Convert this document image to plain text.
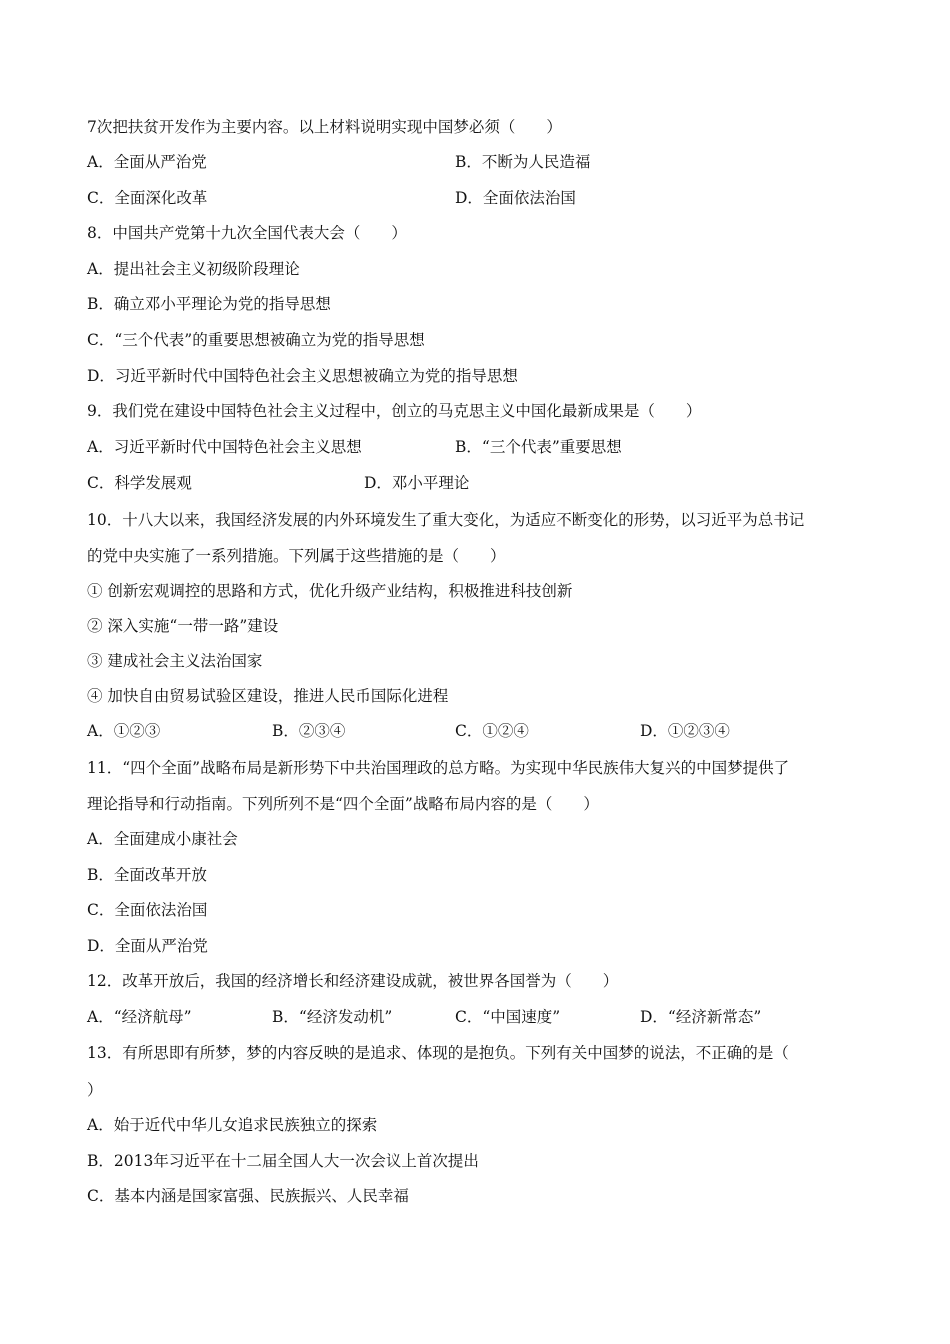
7次把扶贫开发作为主要内容。以上材料说明实现中国梦必须（　　）
A．全面从严治党	B．不断为人民造福
C．全面深化改革	D．全面依法治国
8．中国共产党第十九次全国代表大会（　　）
A．提出社会主义初级阶段理论
B．确立邓小平理论为党的指导思想
C．“三个代表”的重要思想被确立为党的指导思想
D．习近平新时代中国特色社会主义思想被确立为党的指导思想
9．我们党在建设中国特色社会主义过程中，创立的马克思主义中国化最新成果是（　　）
A．习近平新时代中国特色社会主义思想	B．“三个代表”重要思想
C．科学发展观	D．邓小平理论
10．十八大以来，我国经济发展的内外环境发生了重大变化，为适应不断变化的形势，以习近平为总书记
的党中央实施了一系列措施。下列属于这些措施的是（　　）
① 创新宏观调控的思路和方式，优化升级产业结构，积极推进科技创新
② 深入实施“一带一路”建设
③ 建成社会主义法治国家
④ 加快自由贸易试验区建设，推进人民币国际化进程
A．①②③	B．②③④	C．①②④	D．①②③④
11．“四个全面”战略布局是新形势下中共治国理政的总方略。为实现中华民族伟大复兴的中国梦提供了
理论指导和行动指南。下列所列不是“四个全面”战略布局内容的是（　　）
A．全面建成小康社会
B．全面改革开放
C．全面依法治国
D．全面从严治党
12．改革开放后，我国的经济增长和经济建设成就，被世界各国誉为（　　）
A．“经济航母”	B．“经济发动机”	C．“中国速度”	D．“经济新常态”
13．有所思即有所梦，梦的内容反映的是追求、体现的是抱负。下列有关中国梦的说法，不正确的是（
）
A．始于近代中华儿女追求民族独立的探索
B．2013年习近平在十二届全国人大一次会议上首次提出
C．基本内涵是国家富强、民族振兴、人民幸福
